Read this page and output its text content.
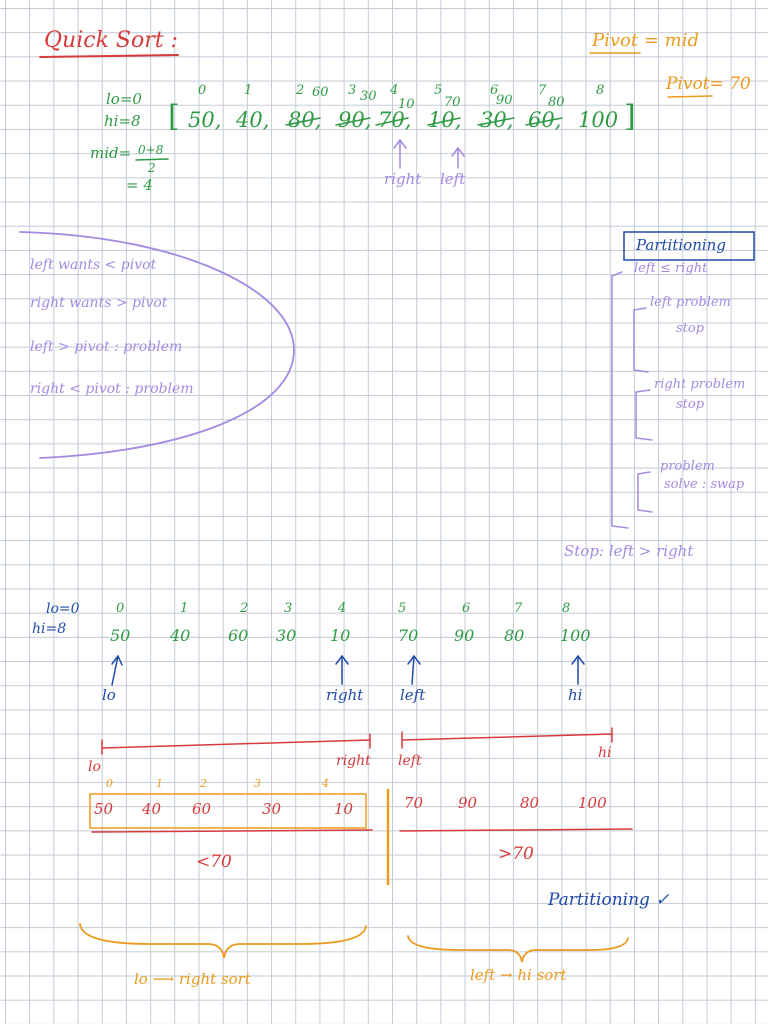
Quick Sort :	Pivot = mid
Pivot= 70
lo=0
hi=8
mid= 0+8
2
= 4
0	1	2	3	4	5	6	7	8
[ 50, 40, 80, 90, 70, 10, 30, 60, 100 ]
60 30
10 70	90	80
right left
left wants < pivot
right wants > pivot
left > pivot : problem
right < pivot : problem
Partitioning
left ≤ right
left problem
stop
right problem
stop
problem
solve : swap
Stop: left > right
lo=0
hi=8
0	1	2	3	4	5	6	7	8
50 40 60 30 10	70 90 80 100
lo	right left	hi
lo	right left	hi
0	1	2	3	4
50 40 60	30	10
<70
70 90	80	100
>70
Partitioning ✓
lo ⟶ right sort	left → hi sort
